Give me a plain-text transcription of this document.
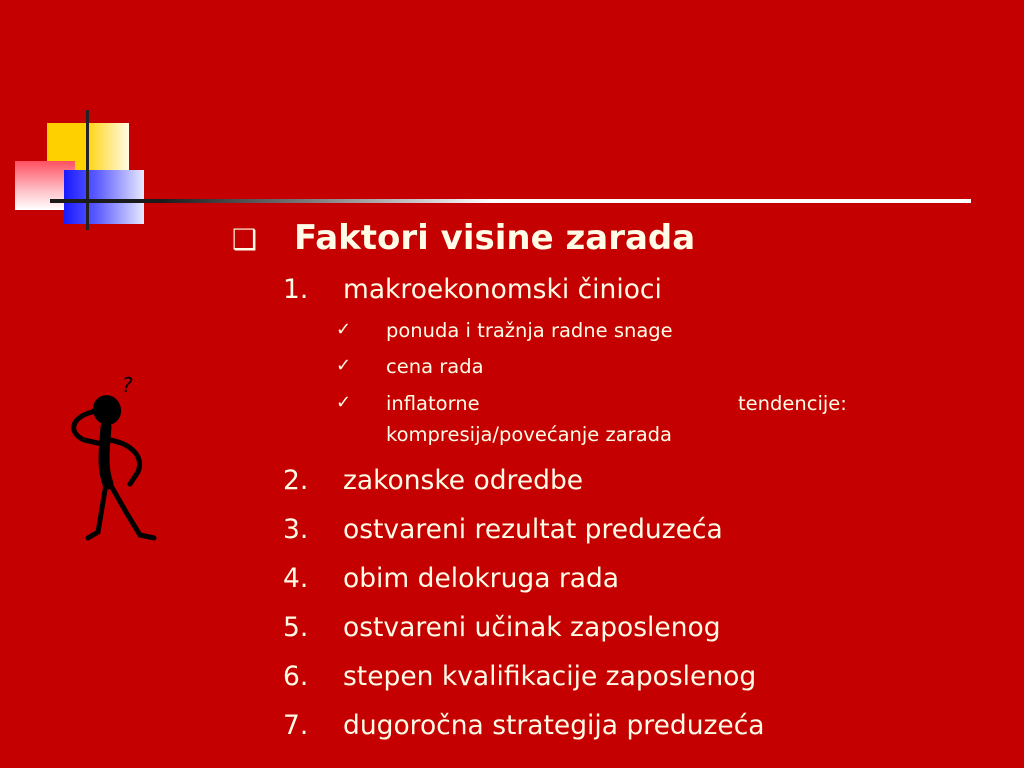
❑ Faktori visine zarada
1. makroekonomski činioci
✓ ponuda i tražnja radne snage
✓ cena rada
✓ inflatorne	tendencije:
kompresija/povećanje zarada
2. zakonske odredbe
3. ostvareni rezultat preduzeća
4. obim delokruga rada
5. ostvareni učinak zaposlenog
6. stepen kvalifikacije zaposlenog
7. dugoročna strategija preduzeća
?
